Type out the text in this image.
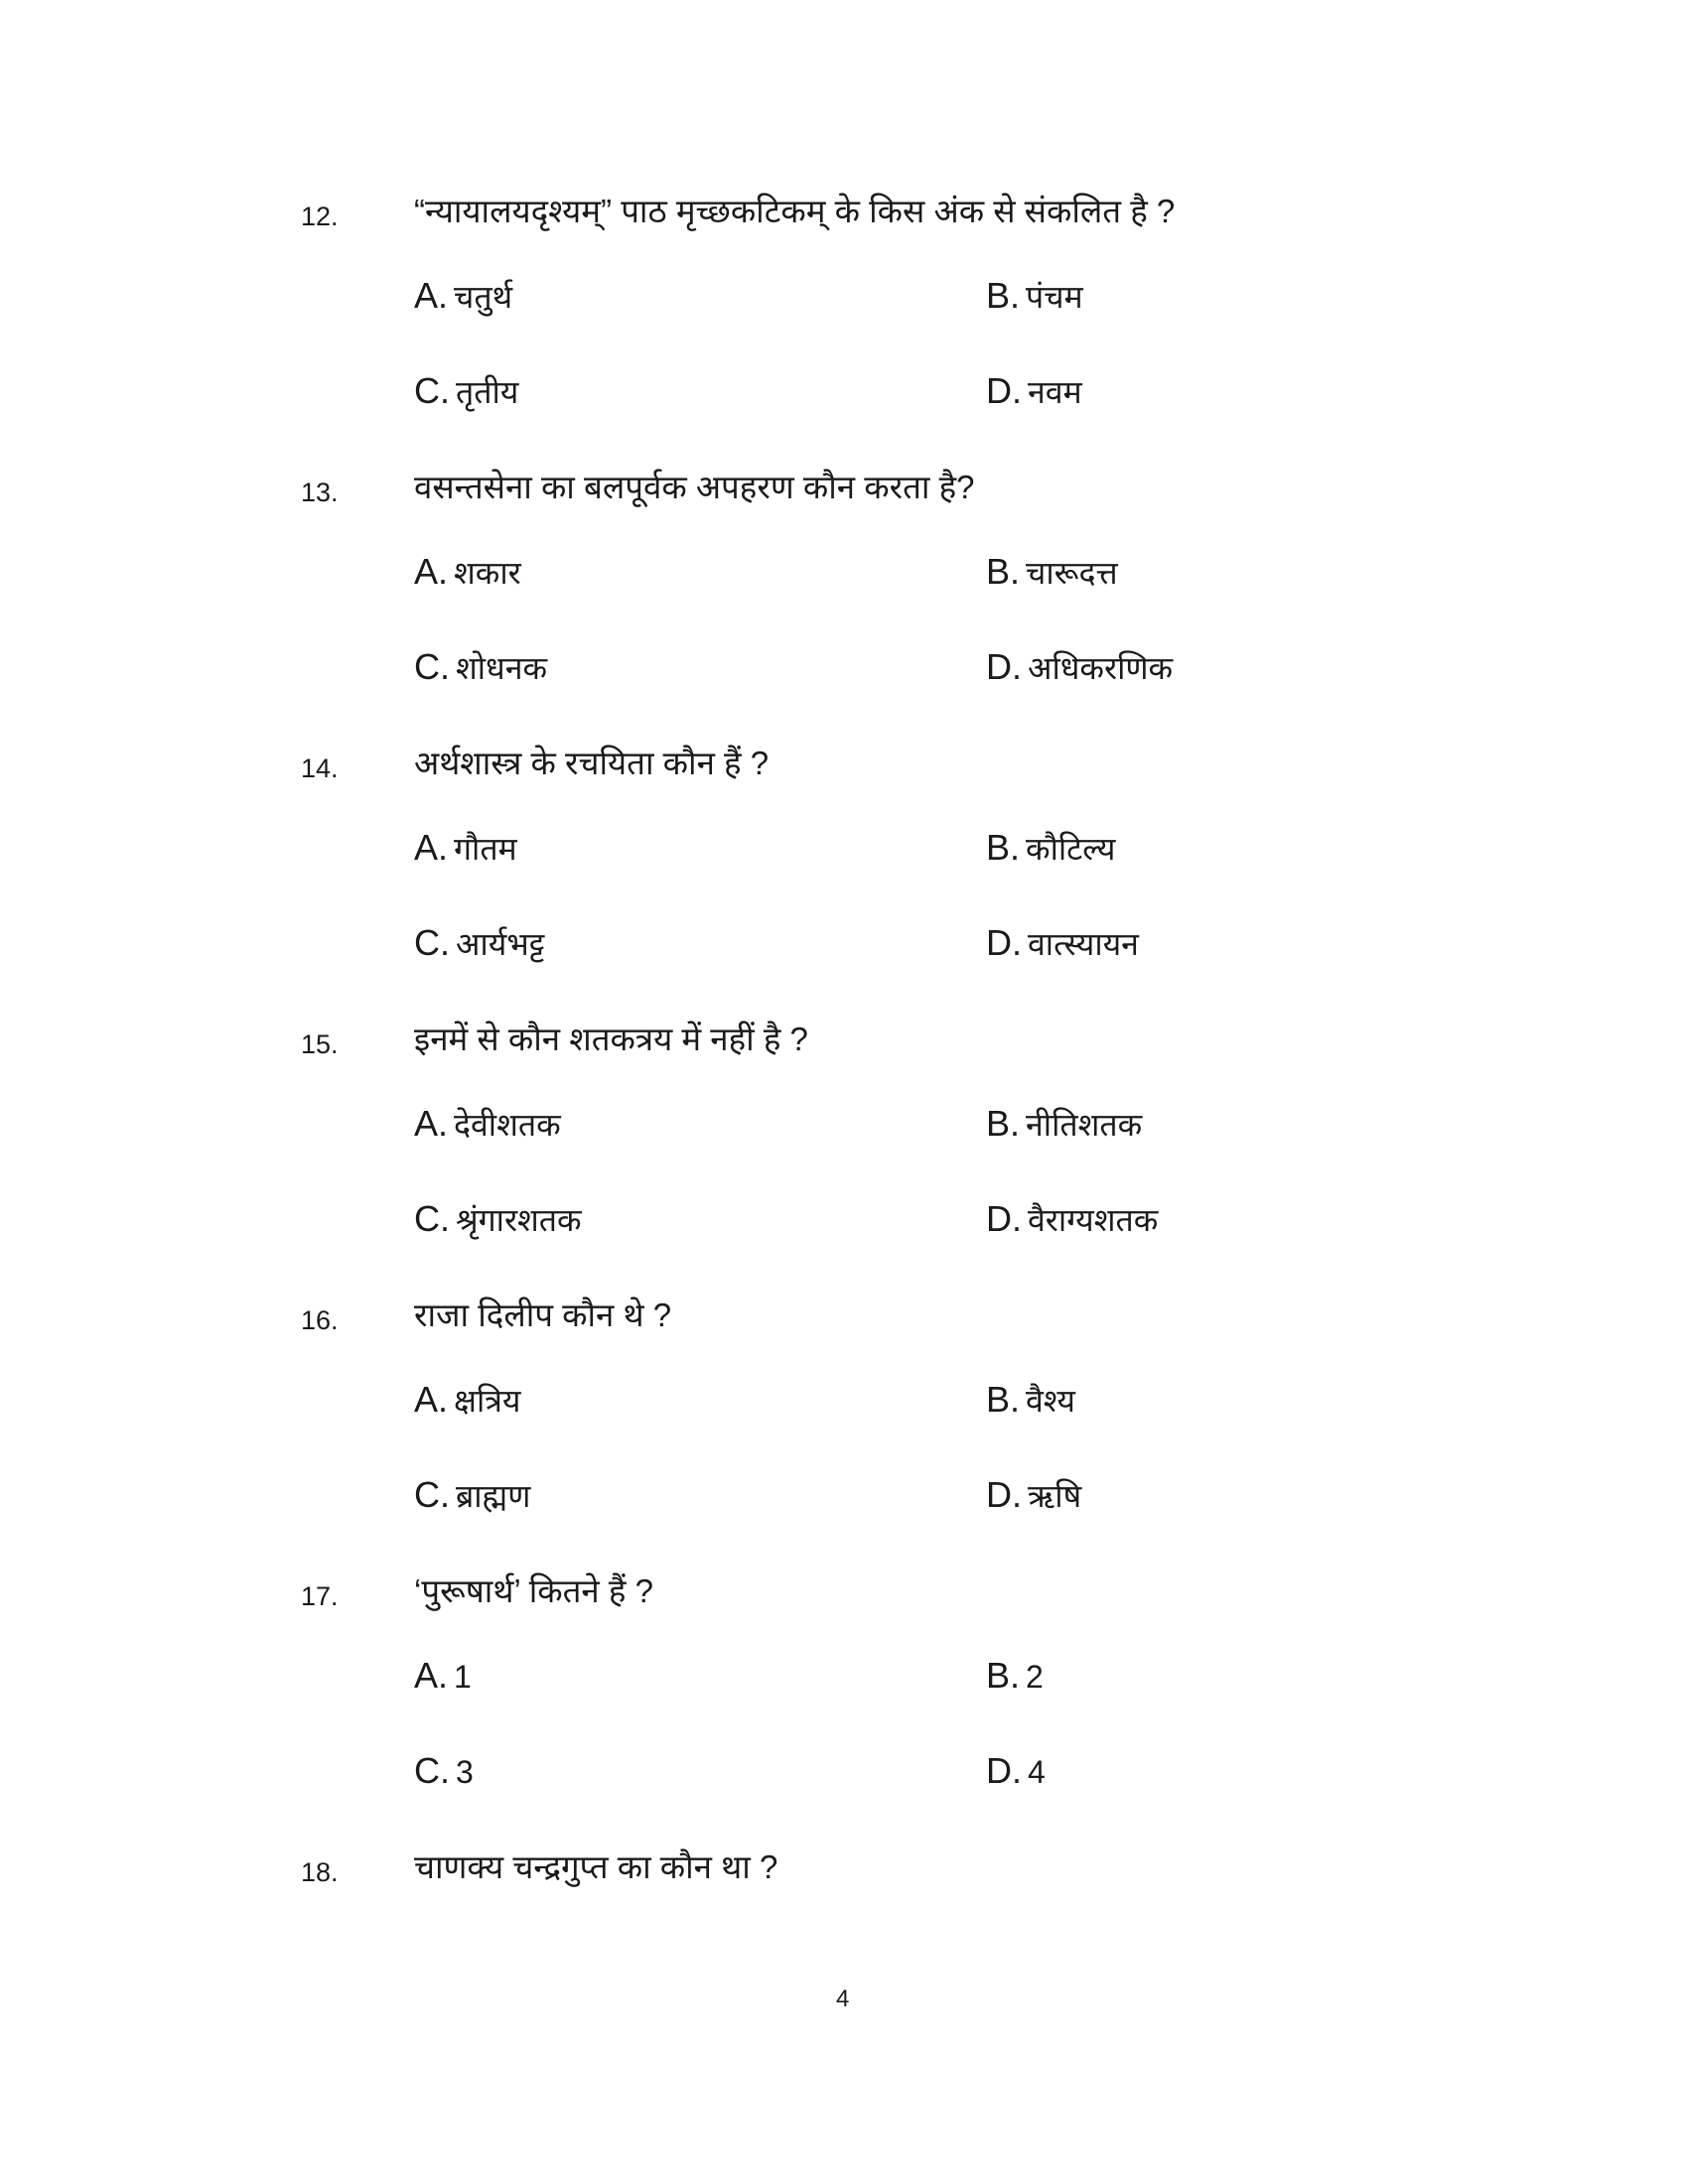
12. “न्यायालयदृश्यम्” पाठ मृच्छकटिकम् के किस अंक से संकलित है ?
A. चतुर्थ	B. पंचम
C. तृतीय	D. नवम
13. वसन्तसेना का बलपूर्वक अपहरण कौन करता है?
A. शकार	B. चारूदत्त
C. शोधनक	D. अधिकरणिक
14. अर्थशास्त्र के रचयिता कौन हैं ?
A. गौतम	B. कौटिल्य
C. आर्यभट्ट	D. वात्स्यायन
15. इनमें से कौन शतकत्रय में नहीं है ?
A. देवीशतक	B. नीतिशतक
C. श्रृंगारशतक	D. वैराग्यशतक
16. राजा दिलीप कौन थे ?
A. क्षत्रिय	B. वैश्य
C. ब्राह्मण	D. ऋषि
17. ‘पुरूषार्थ’ कितने हैं ?
A. 1	B. 2
C. 3	D. 4
18. चाणक्य चन्द्रगुप्त का कौन था ?
4
